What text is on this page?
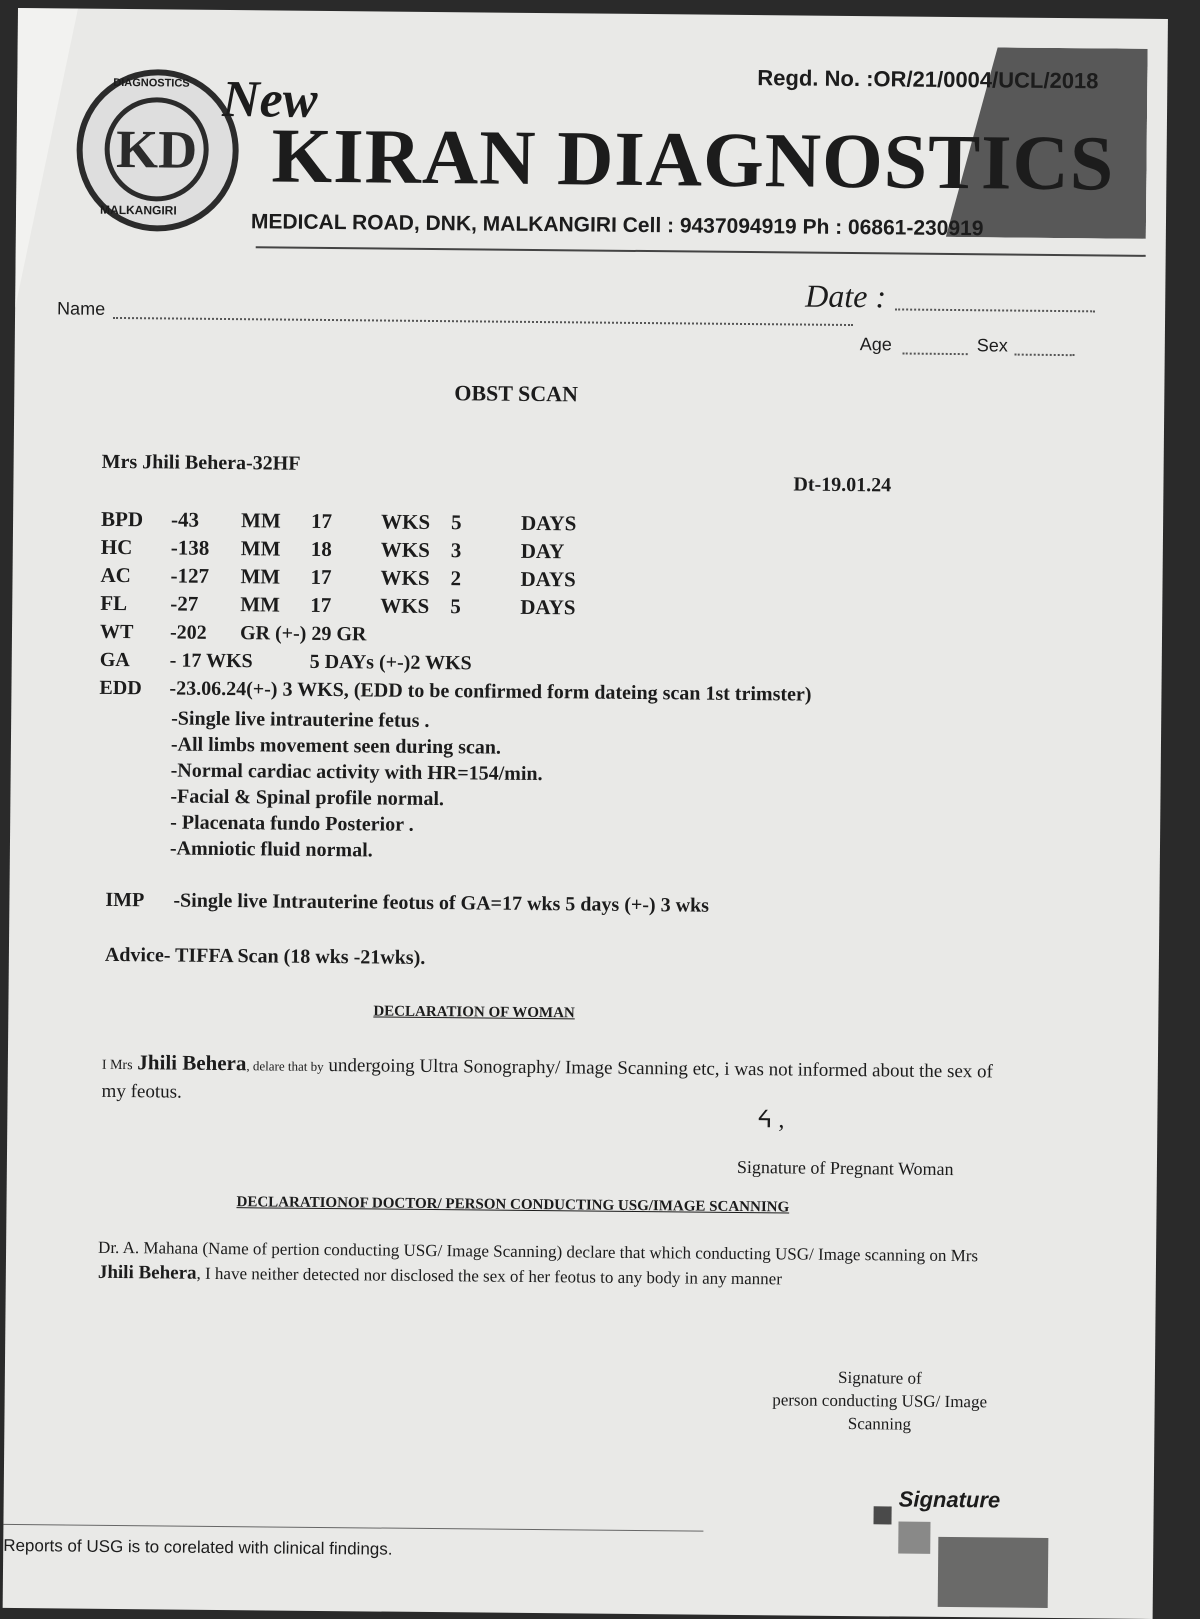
DIAGNOSTICS
KD
MALKANGIRI
New
KIRAN DIAGNOSTICS
Regd. No. :OR/21/0004/UCL/2018
MEDICAL ROAD, DNK, MALKANGIRI Cell : 9437094919 Ph : 06861-230919
Date :
Name
Age	Sex
OBST SCAN
Mrs Jhili Behera-32HF
Dt-19.01.24
BPD	-43	MM	17	WKS	5	DAYS
HC	-138	MM	18	WKS	3	DAY
AC	-127	MM	17	WKS	2	DAYS
FL	-27	MM	17	WKS	5	DAYS
WT -202 GR (+-) 29 GR
GA - 17 WKS	5 DAYs (+-)2 WKS
EDD -23.06.24(+-) 3 WKS, (EDD to be confirmed form dateing scan 1st trimster)
-Single live intrauterine fetus .
-All limbs movement seen during scan.
-Normal cardiac activity with HR=154/min.
-Facial & Spinal profile normal.
- Placenata fundo Posterior .
-Amniotic fluid normal.
IMP -Single live Intrauterine feotus of GA=17 wks 5 days (+-) 3 wks
Advice- TIFFA Scan (18 wks -21wks).
DECLARATION OF WOMAN
I Mrs Jhili Behera, delare that by undergoing Ultra Sonography/ Image Scanning etc, i was not informed about the sex of my feotus.
ᔦ ,
Signature of Pregnant Woman
DECLARATIONOF DOCTOR/ PERSON CONDUCTING USG/IMAGE SCANNING
Dr. A. Mahana (Name of pertion conducting USG/ Image Scanning) declare that which conducting USG/ Image scanning on Mrs Jhili Behera, I have neither detected nor disclosed the sex of her feotus to any body in any manner
Signature of
person conducting USG/ Image
Scanning
Signature
Reports of USG is to corelated with clinical findings.
